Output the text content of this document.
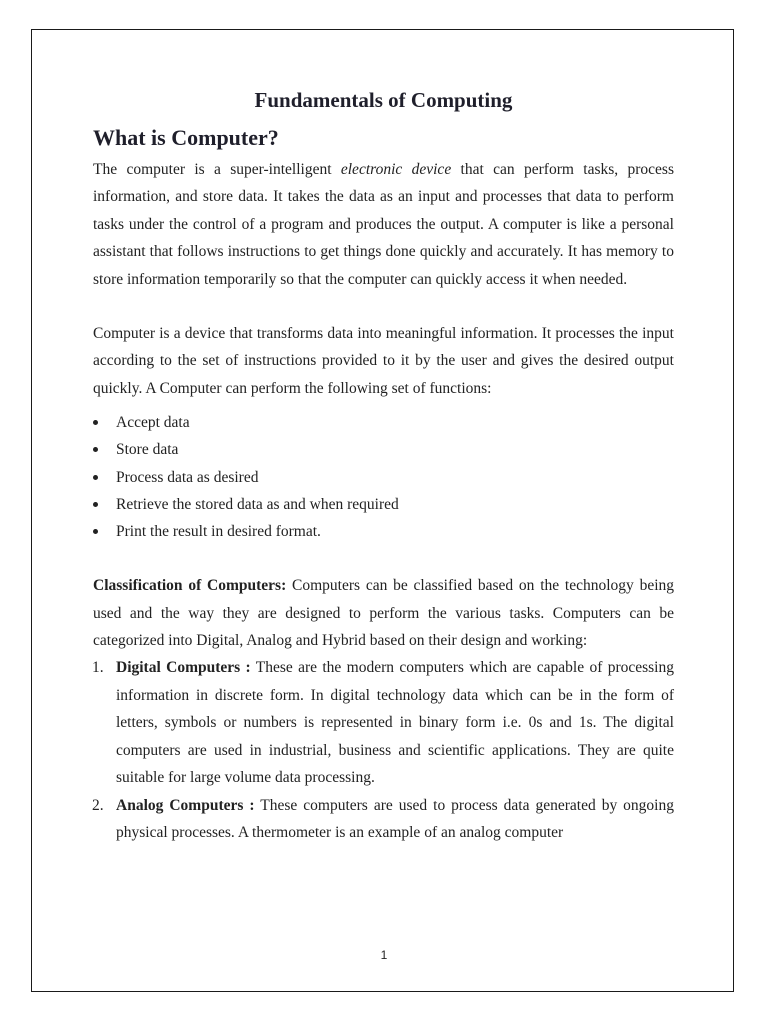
Fundamentals of Computing
What is Computer?

The computer is a super-intelligent electronic device that can perform tasks, process information, and store data. It takes the data as an input and processes that data to perform tasks under the control of a program and produces the output. A computer is like a personal assistant that follows instructions to get things done quickly and accurately. It has memory to store information temporarily so that the computer can quickly access it when needed.

Computer is a device that transforms data into meaningful information. It processes the input according to the set of instructions provided to it by the user and gives the desired output quickly. A Computer can perform the following set of functions:

Accept data
Store data
Process data as desired
Retrieve the stored data as and when required
Print the result in desired format.

Classification of Computers: Computers can be classified based on the technology being used and the way they are designed to perform the various tasks. Computers can be categorized into Digital, Analog and Hybrid based on their design and working:

1. Digital Computers : These are the modern computers which are capable of processing information in discrete form. In digital technology data which can be in the form of letters, symbols or numbers is represented in binary form i.e. 0s and 1s. The digital computers are used in industrial, business and scientific applications. They are quite suitable for large volume data processing.
2. Analog Computers : These computers are used to process data generated by ongoing physical processes. A thermometer is an example of an analog computer
1
